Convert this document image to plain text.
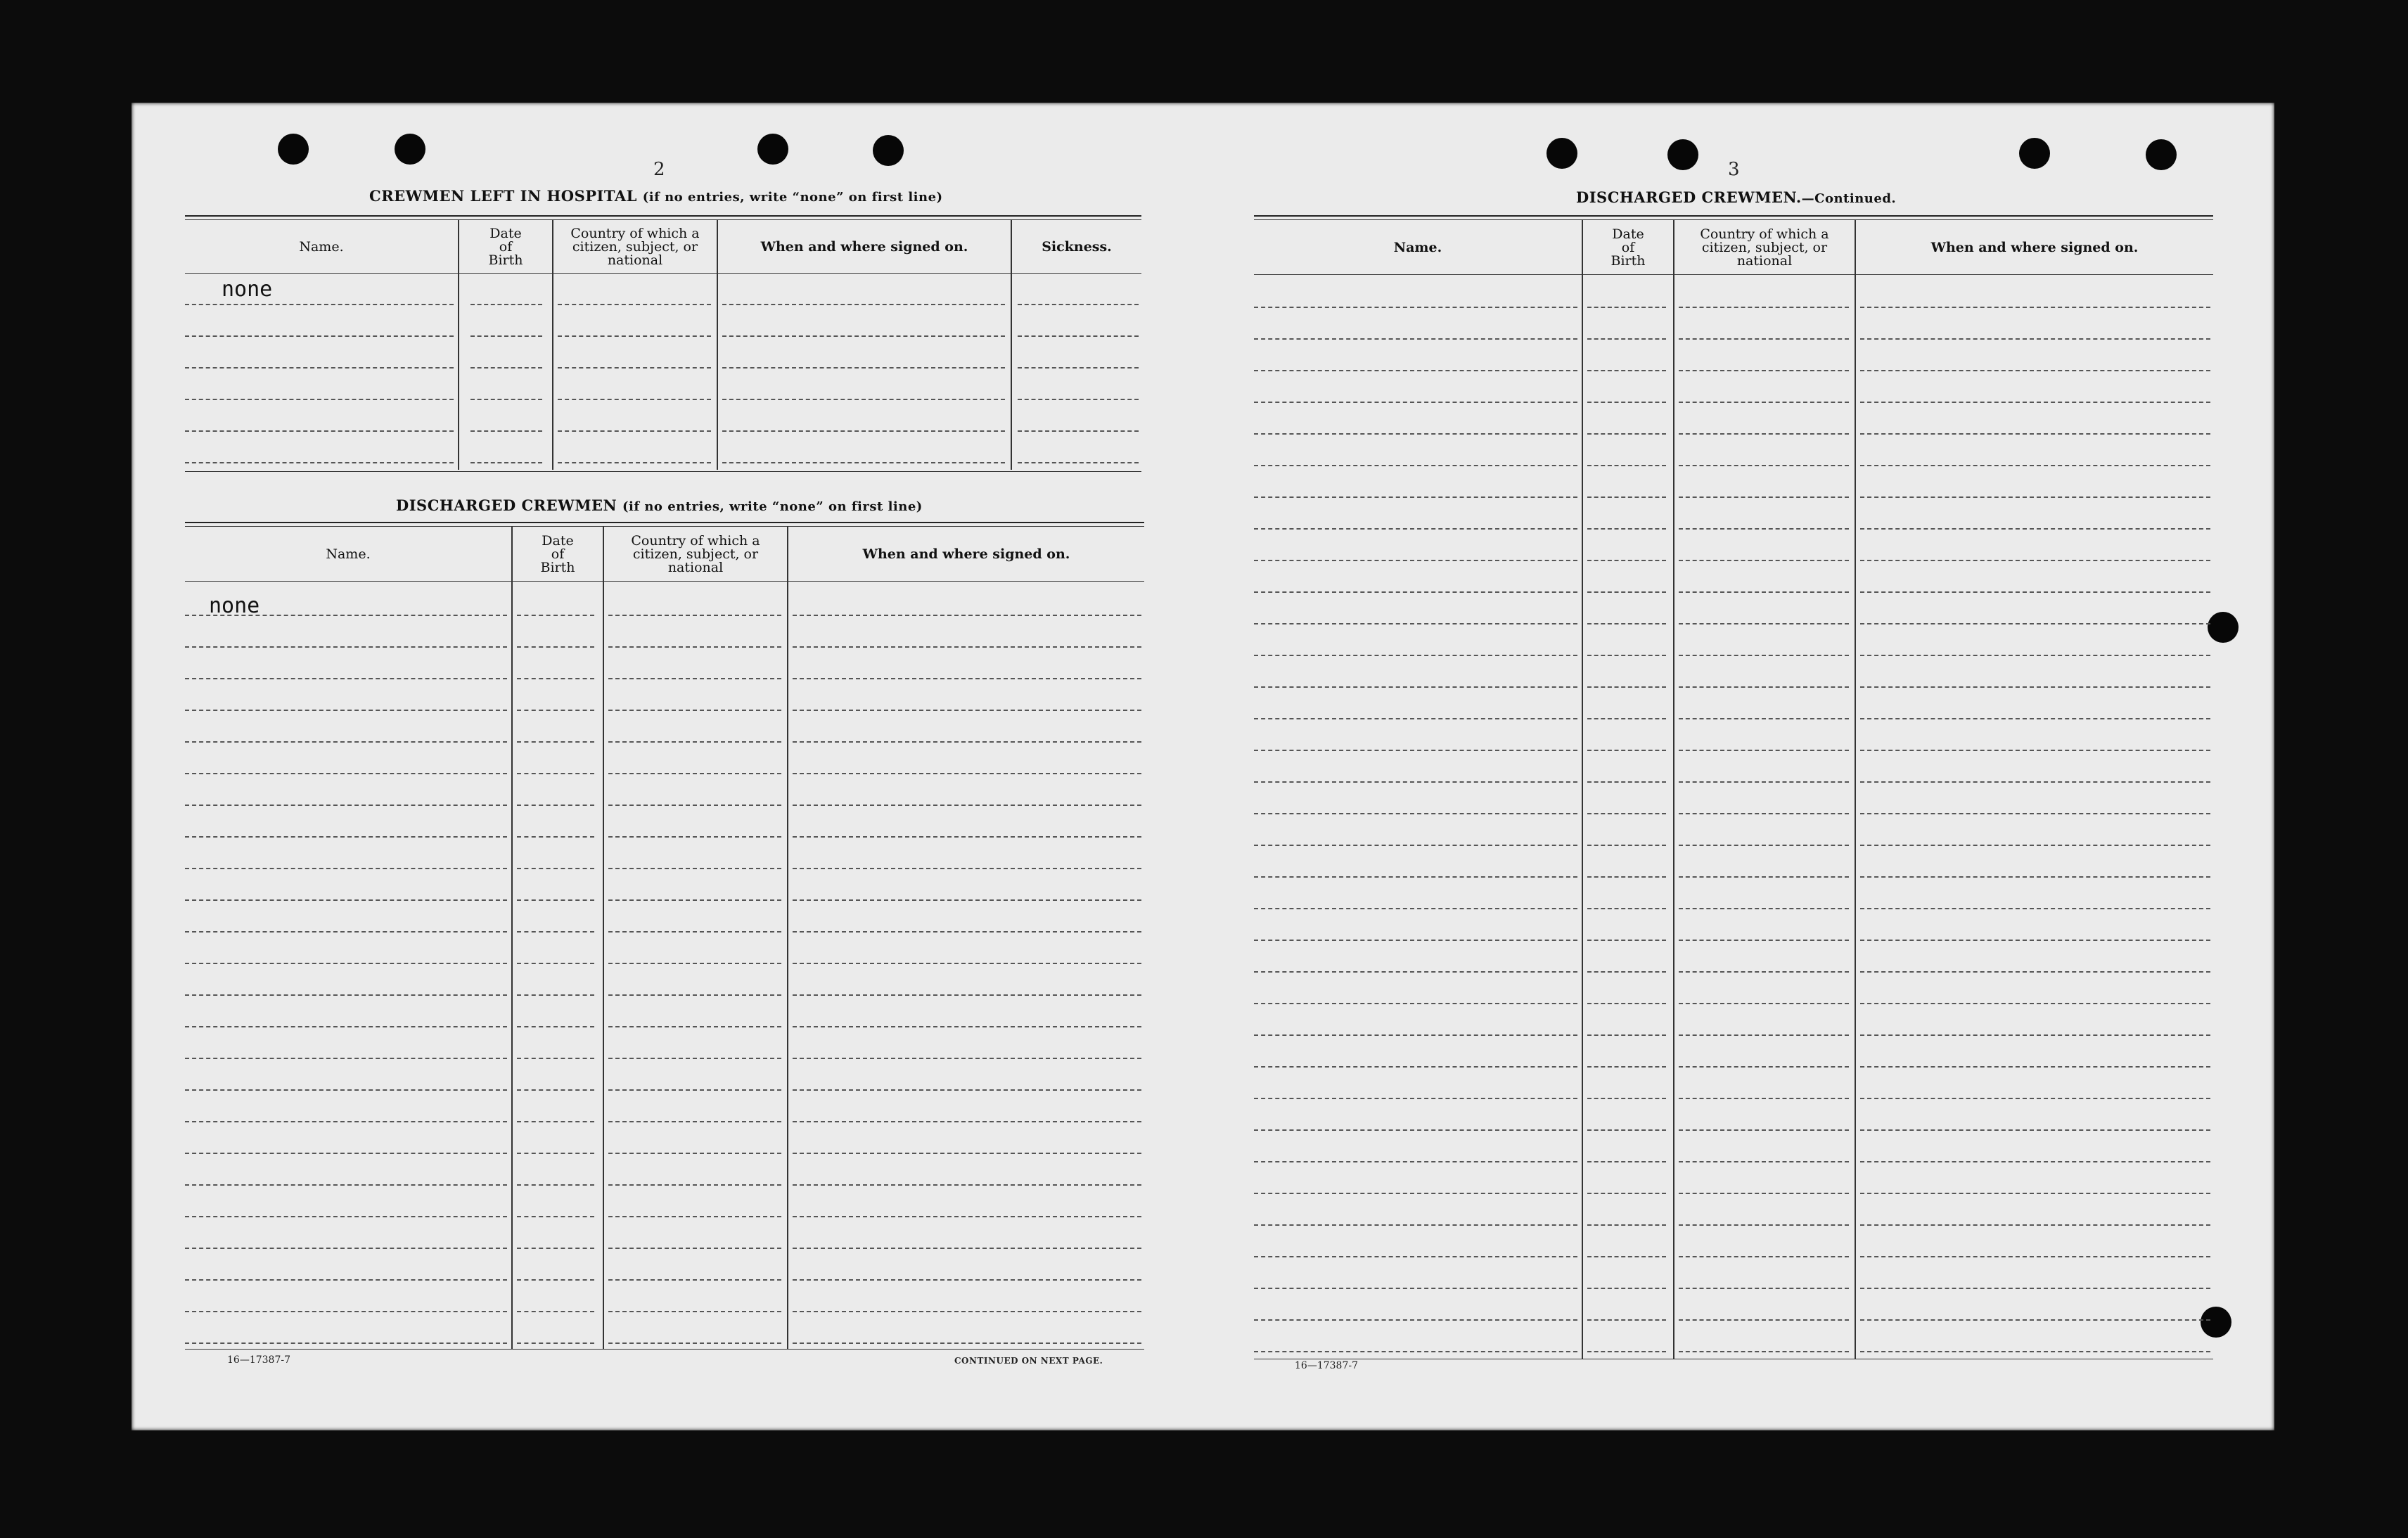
2
CREWMEN LEFT IN HOSPITAL (if no entries, write “none” on first line)
Name.
Date of Birth
Country of which a citizen, subject, or national
When and where signed on.	Sickness.
none
DISCHARGED CREWMEN (if no entries, write “none” on first line)
Name.
Date of Birth
Country of which a citizen, subject, or national
When and where signed on.
none
16—17387-7	CONTINUED ON NEXT PAGE.
3
DISCHARGED CREWMEN.—Continued.
Name.
Date of Birth
Country of which a citizen, subject, or national
When and where signed on.
16—17387-7
